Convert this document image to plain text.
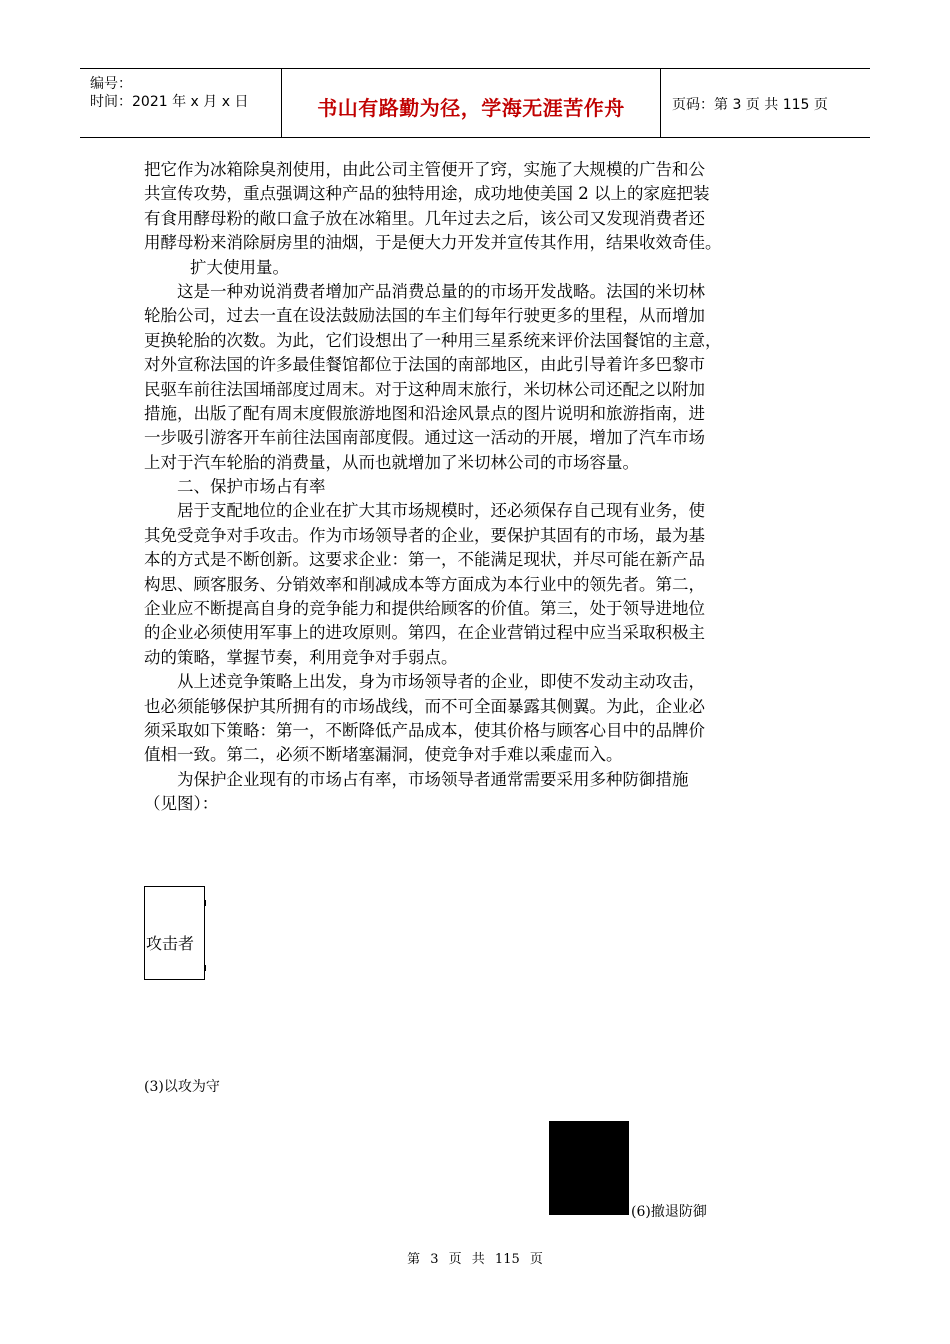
编号：
时间：2021 年 x 月 x 日	书山有路勤为径，学海无涯苦作舟	页码：第 3 页 共 115 页
把它作为冰箱除臭剂使用，由此公司主管便开了窍，实施了大规模的广告和公
共宣传攻势，重点强调这种产品的独特用途，成功地使美国 2 以上的家庭把装
有食用酵母粉的敞口盒子放在冰箱里。几年过去之后，该公司又发现消费者还
用酵母粉来消除厨房里的油烟，于是便大力开发并宣传其作用，结果收效奇佳。
扩大使用量。
这是一种劝说消费者增加产品消费总量的的市场开发战略。法国的米切林
轮胎公司，过去一直在设法鼓励法国的车主们每年行驶更多的里程，从而增加
更换轮胎的次数。为此，它们设想出了一种用三星系统来评价法国餐馆的主意，
对外宣称法国的许多最佳餐馆都位于法国的南部地区，由此引导着许多巴黎市
民驱车前往法国埇部度过周末。对于这种周末旅行，米切林公司还配之以附加
措施，出版了配有周末度假旅游地图和沿途风景点的图片说明和旅游指南，进
一步吸引游客开车前往法国南部度假。通过这一活动的开展，增加了汽车市场
上对于汽车轮胎的消费量，从而也就增加了米切林公司的市场容量。
二、保护市场占有率
居于支配地位的企业在扩大其市场规模时，还必须保存自己现有业务，使
其免受竞争对手攻击。作为市场领导者的企业，要保护其固有的市场，最为基
本的方式是不断创新。这要求企业：第一，不能满足现状，并尽可能在新产品
构思、顾客服务、分销效率和削减成本等方面成为本行业中的领先者。第二，
企业应不断提高自身的竞争能力和提供给顾客的价值。第三，处于领导进地位
的企业必须使用军事上的进攻原则。第四，在企业营销过程中应当采取积极主
动的策略，掌握节奏，利用竞争对手弱点。
从上述竞争策略上出发，身为市场领导者的企业，即使不发动主动攻击，
也必须能够保护其所拥有的市场战线，而不可全面暴露其侧翼。为此，企业必
须采取如下策略：第一，不断降低产品成本，使其价格与顾客心目中的品牌价
值相一致。第二，必须不断堵塞漏洞，使竞争对手难以乘虚而入。
为保护企业现有的市场占有率，市场领导者通常需要采用多种防御措施
（见图）：
攻击者
(3)以攻为守
(6)撤退防御
第 3 页 共 115 页
